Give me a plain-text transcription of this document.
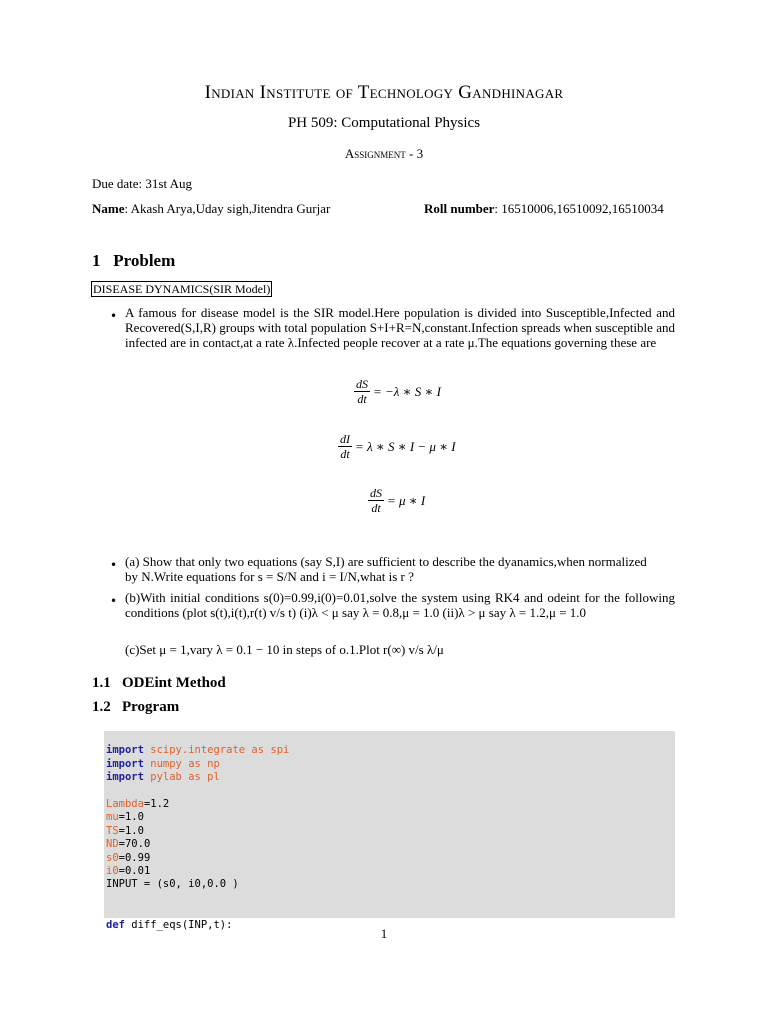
Indian Institute of Technology Gandhinagar
PH 509: Computational Physics
Assignment - 3
Due date: 31st Aug
Name: Akash Arya,Uday sigh,Jitendra Gurjar	Roll number: 16510006,16510092,16510034
1 Problem
DISEASE DYNAMICS(SIR Model)
• A famous for disease model is the SIR model.Here population is divided into Susceptible,Infected and Recovered(S,I,R) groups with total population S+I+R=N,constant.Infection spreads when susceptible and infected are in contact,at a rate λ.Infected people recover at a rate μ.The equations governing these are
$\frac{dS}{dt} = -\lambda$ ∗ S ∗ I
$\frac{dI}{dt} = \lambda$ ∗ S ∗ I − μ ∗ I
$\frac{dS}{dt} = \mu$ ∗ I
• (a) Show that only two equations (say S,I) are sufficient to describe the dyanamics,when normalized
by N.Write equations for s = S/N and i = I/N,what is r ?
• (b)With initial conditions s(0)=0.99,i(0)=0.01,solve the system using RK4 and odeint for the following conditions (plot s(t),i(t),r(t) v/s t) (i)λ < μ say λ = 0.8,μ = 1.0 (ii)λ > μ say λ = 1.2,μ = 1.0
(c)Set μ = 1,vary λ = 0.1 − 10 in steps of o.1.Plot r(∞) v/s λ/μ
1.1 ODEint Method
1.2 Program

import scipy.integrate as spi
import numpy as np
import pylab as pl

Lambda=1.2
mu=1.0
TS=1.0
ND=70.0
s0=0.99
i0=0.01
INPUT = (s0, i0,0.0 )

def diff_eqs(INP,t):

1
